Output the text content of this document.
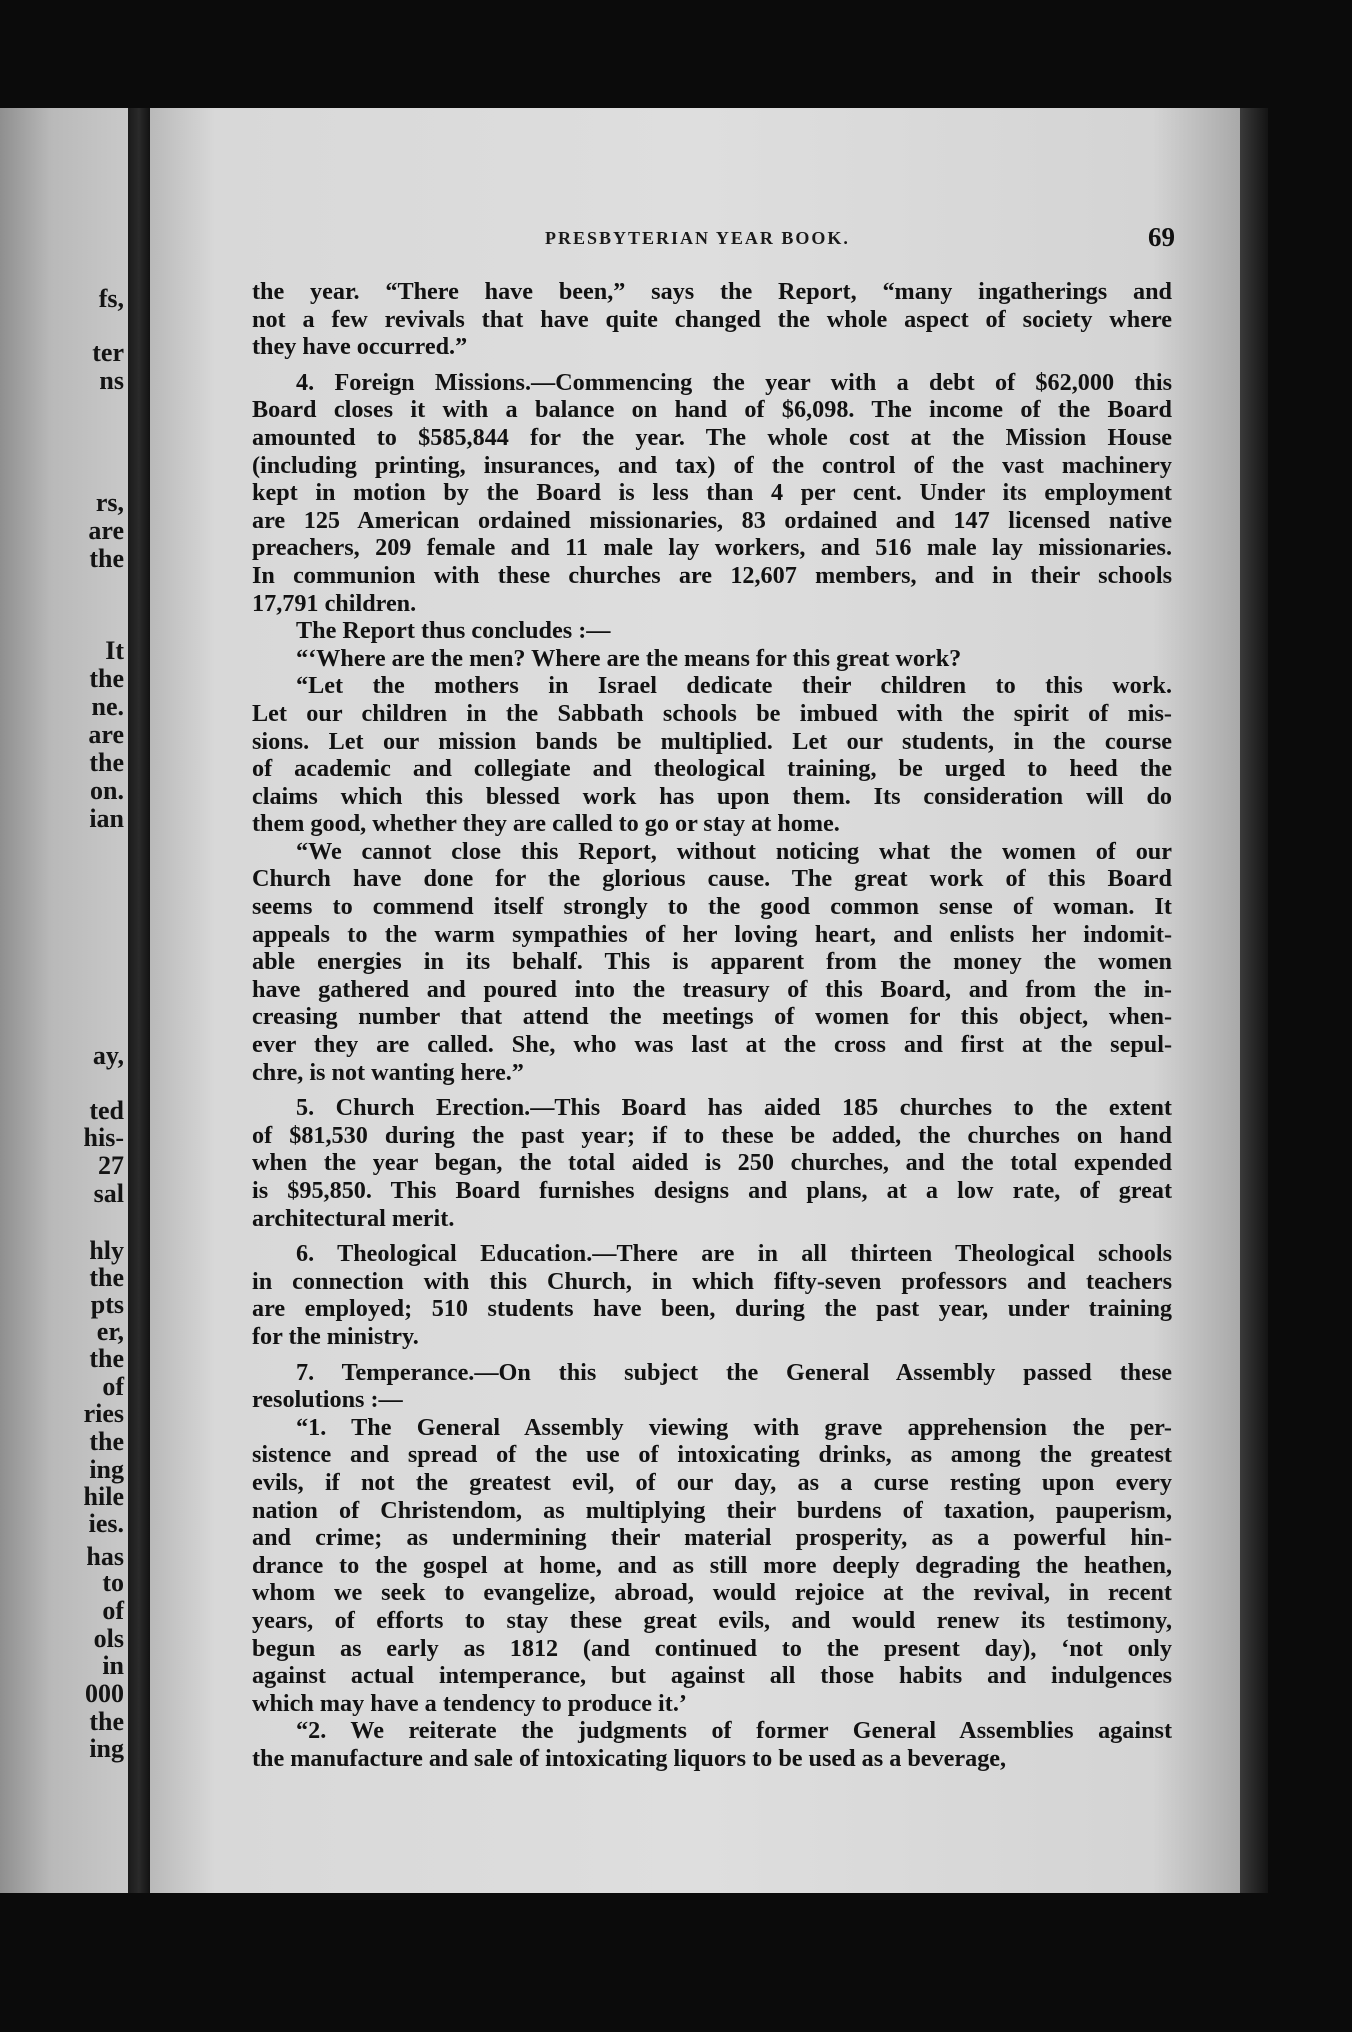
fs,
ter
ns
rs,
are
the
It
the
ne.
are
the
on.
ian
ay,
ted
his-
27
sal
hly
the
pts
er,
the
of
ries
the
ing
hile
ies.
has
to
of
ols
in
000
the
ing
PRESBYTERIAN YEAR BOOK.	69
the year. “There have been,” says the Report, “many ingatherings and
not a few revivals that have quite changed the whole aspect of society where
they have occurred.”
4. Foreign Missions.—Commencing the year with a debt of $62,000 this
Board closes it with a balance on hand of $6,098. The income of the Board
amounted to $585,844 for the year. The whole cost at the Mission House
(including printing, insurances, and tax) of the control of the vast machinery
kept in motion by the Board is less than 4 per cent. Under its employment
are 125 American ordained missionaries, 83 ordained and 147 licensed native
preachers, 209 female and 11 male lay workers, and 516 male lay missionaries.
In communion with these churches are 12,607 members, and in their schools
17,791 children.
The Report thus concludes :—
“‘Where are the men? Where are the means for this great work?
“Let the mothers in Israel dedicate their children to this work.
Let our children in the Sabbath schools be imbued with the spirit of mis-
sions. Let our mission bands be multiplied. Let our students, in the course
of academic and collegiate and theological training, be urged to heed the
claims which this blessed work has upon them. Its consideration will do
them good, whether they are called to go or stay at home.
“We cannot close this Report, without noticing what the women of our
Church have done for the glorious cause. The great work of this Board
seems to commend itself strongly to the good common sense of woman. It
appeals to the warm sympathies of her loving heart, and enlists her indomit-
able energies in its behalf. This is apparent from the money the women
have gathered and poured into the treasury of this Board, and from the in-
creasing number that attend the meetings of women for this object, when-
ever they are called. She, who was last at the cross and first at the sepul-
chre, is not wanting here.”
5. Church Erection.—This Board has aided 185 churches to the extent
of $81,530 during the past year; if to these be added, the churches on hand
when the year began, the total aided is 250 churches, and the total expended
is $95,850. This Board furnishes designs and plans, at a low rate, of great
architectural merit.
6. Theological Education.—There are in all thirteen Theological schools
in connection with this Church, in which fifty-seven professors and teachers
are employed; 510 students have been, during the past year, under training
for the ministry.
7. Temperance.—On this subject the General Assembly passed these
resolutions :—
“1. The General Assembly viewing with grave apprehension the per-
sistence and spread of the use of intoxicating drinks, as among the greatest
evils, if not the greatest evil, of our day, as a curse resting upon every
nation of Christendom, as multiplying their burdens of taxation, pauperism,
and crime; as undermining their material prosperity, as a powerful hin-
drance to the gospel at home, and as still more deeply degrading the heathen,
whom we seek to evangelize, abroad, would rejoice at the revival, in recent
years, of efforts to stay these great evils, and would renew its testimony,
begun as early as 1812 (and continued to the present day), ‘not only
against actual intemperance, but against all those habits and indulgences
which may have a tendency to produce it.’
“2. We reiterate the judgments of former General Assemblies against
the manufacture and sale of intoxicating liquors to be used as a beverage,
